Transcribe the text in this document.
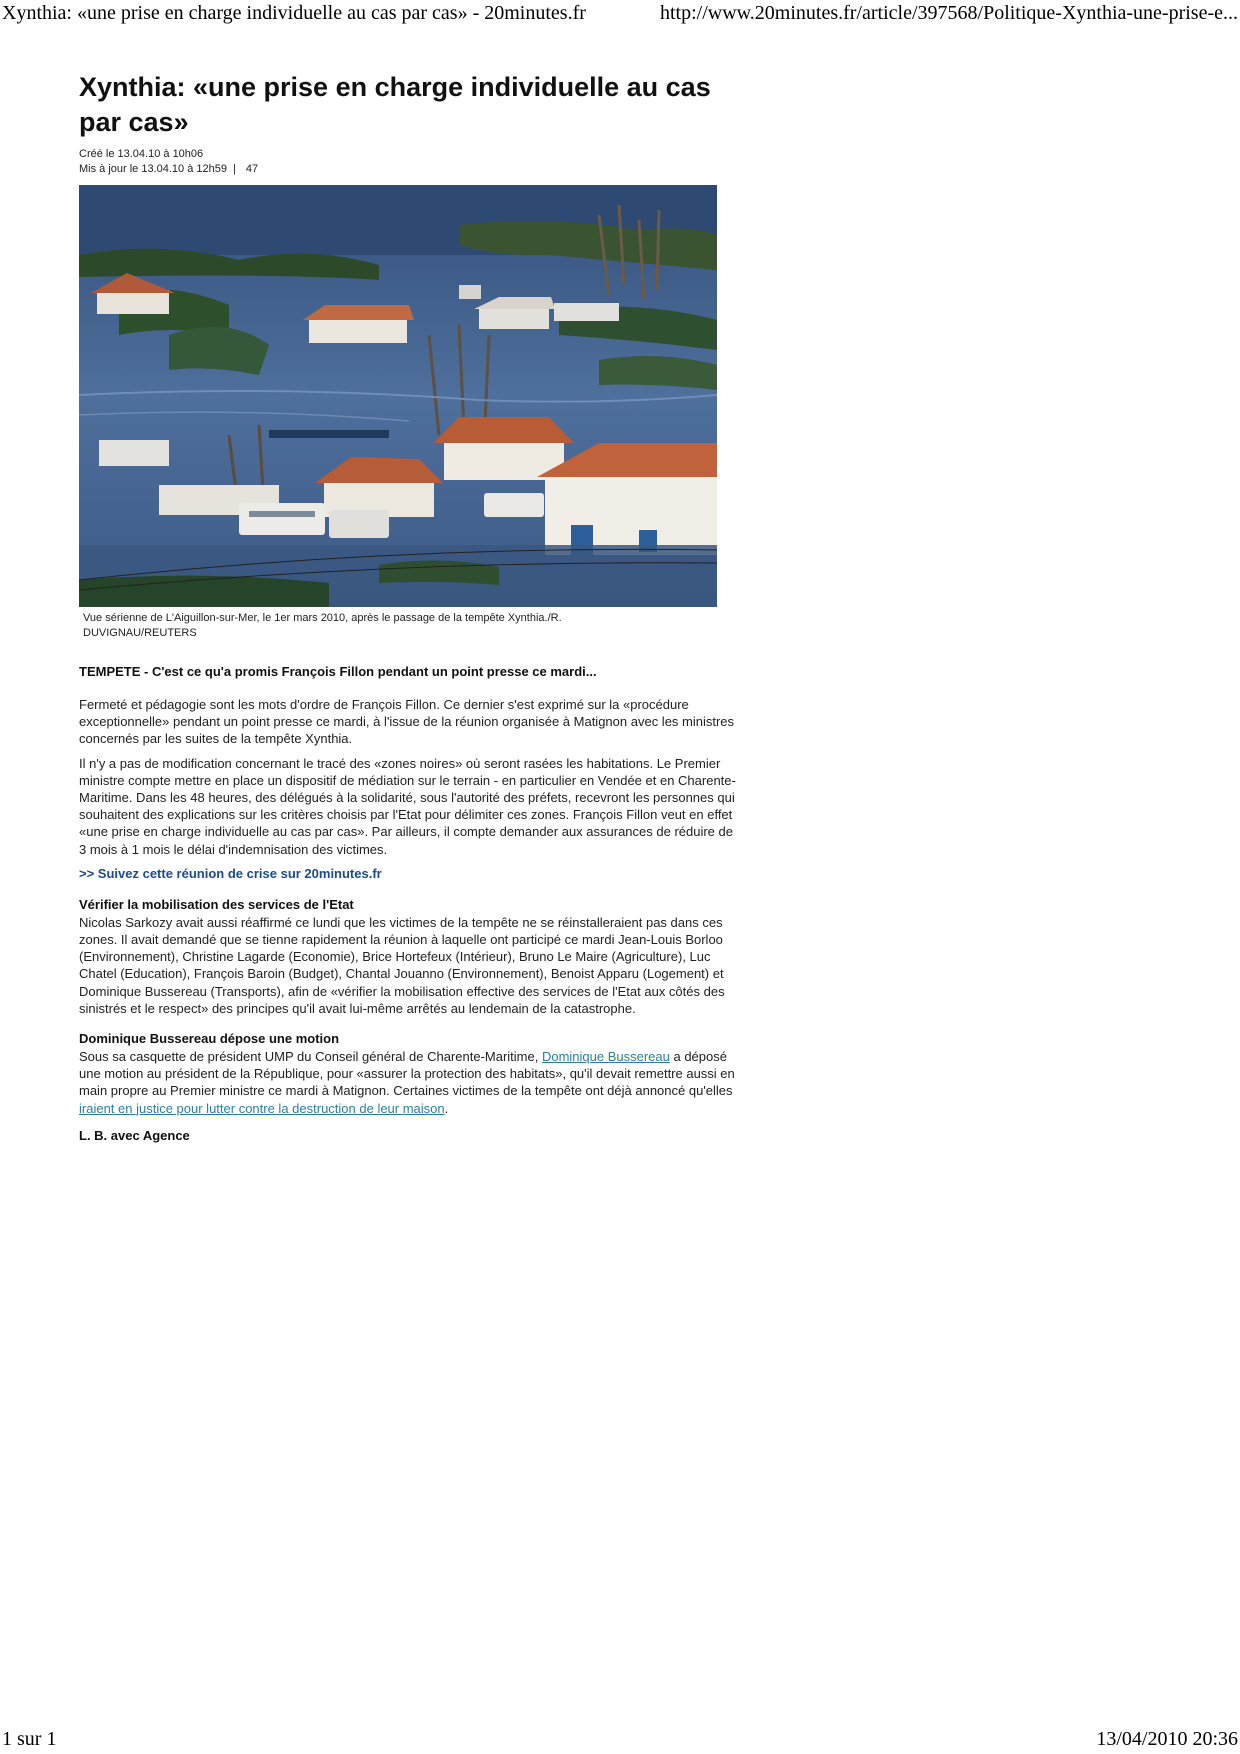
Xynthia: «une prise en charge individuelle au cas par cas» - 20minutes.fr	http://www.20minutes.fr/article/397568/Politique-Xynthia-une-prise-e...
Xynthia: «une prise en charge individuelle au cas par cas»
Créé le 13.04.10 à 10h06
Mis à jour le 13.04.10 à 12h59 | 47
Vue sérienne de L'Aiguillon-sur-Mer, le 1er mars 2010, après le passage de la tempête Xynthia./R. DUVIGNAU/REUTERS
TEMPETE - C'est ce qu'a promis François Fillon pendant un point presse ce mardi...

Fermeté et pédagogie sont les mots d'ordre de François Fillon. Ce dernier s'est exprimé sur la «procédure exceptionnelle» pendant un point presse ce mardi, à l'issue de la réunion organisée à Matignon avec les ministres concernés par les suites de la tempête Xynthia.

Il n'y a pas de modification concernant le tracé des «zones noires» où seront rasées les habitations. Le Premier ministre compte mettre en place un dispositif de médiation sur le terrain - en particulier en Vendée et en Charente-Maritime. Dans les 48 heures, des délégués à la solidarité, sous l'autorité des préfets, recevront les personnes qui souhaitent des explications sur les critères choisis par l'Etat pour délimiter ces zones. François Fillon veut en effet «une prise en charge individuelle au cas par cas». Par ailleurs, il compte demander aux assurances de réduire de 3 mois à 1 mois le délai d'indemnisation des victimes.

>> Suivez cette réunion de crise sur 20minutes.fr
Vérifier la mobilisation des services de l'Etat

Nicolas Sarkozy avait aussi réaffirmé ce lundi que les victimes de la tempête ne se réinstalleraient pas dans ces zones. Il avait demandé que se tienne rapidement la réunion à laquelle ont participé ce mardi Jean-Louis Borloo (Environnement), Christine Lagarde (Economie), Brice Hortefeux (Intérieur), Bruno Le Maire (Agriculture), Luc Chatel (Education), François Baroin (Budget), Chantal Jouanno (Environnement), Benoist Apparu (Logement) et Dominique Bussereau (Transports), afin de «vérifier la mobilisation effective des services de l'Etat aux côtés des sinistrés et le respect» des principes qu'il avait lui-même arrêtés au lendemain de la catastrophe.

Dominique Bussereau dépose une motion

Sous sa casquette de président UMP du Conseil général de Charente-Maritime, Dominique Bussereau a déposé une motion au président de la République, pour «assurer la protection des habitats», qu'il devait remettre aussi en main propre au Premier ministre ce mardi à Matignon. Certaines victimes de la tempête ont déjà annoncé qu'elles iraient en justice pour lutter contre la destruction de leur maison.

L. B. avec Agence
1 sur 1	13/04/2010 20:36
